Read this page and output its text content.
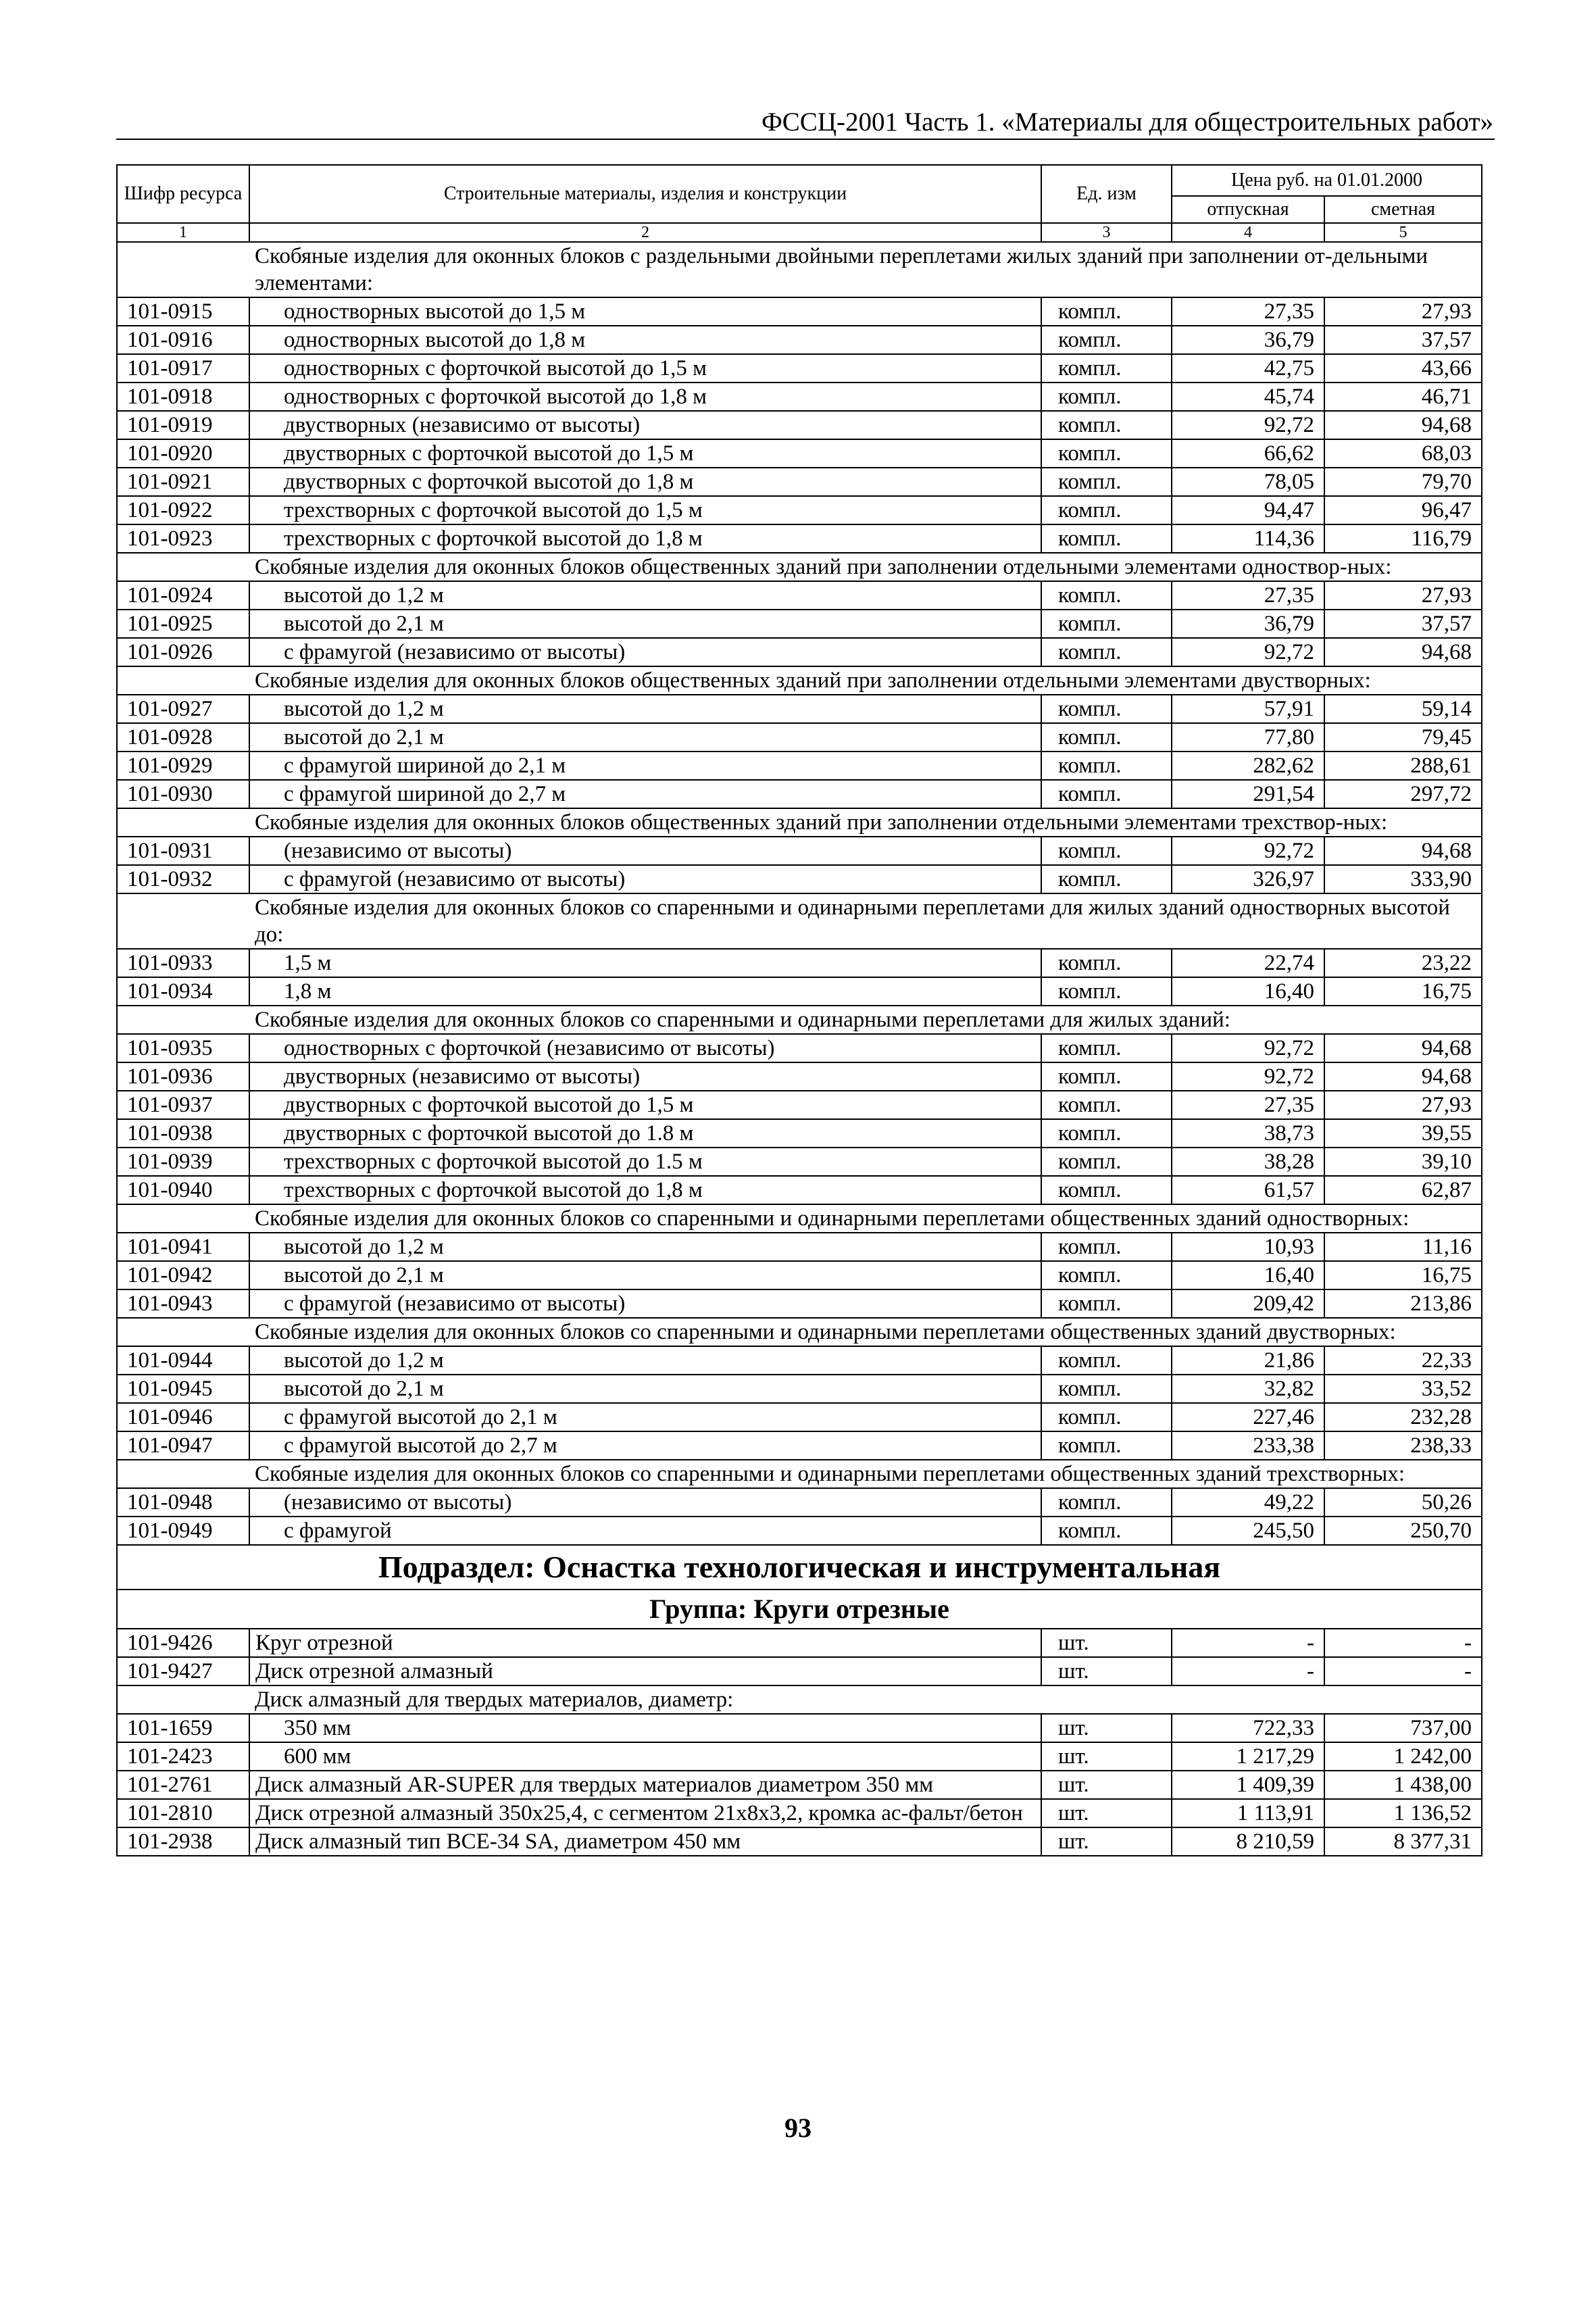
ФССЦ-2001 Часть 1. «Материалы для общестроительных работ»
Шифр ресурса	Строительные материалы, изделия и конструкции	Ед. изм	Цена руб. на 01.01.2000	
			отпускная	сметная
1	2	3	4	5
	Скобяные изделия для оконных блоков с раздельными двойными переплетами жилых зданий при заполнении от-дельными элементами:			
101-0915	одностворных высотой до 1,5 м	компл.	27,35	27,93
101-0916	одностворных высотой до 1,8 м	компл.	36,79	37,57
101-0917	одностворных с форточкой высотой до 1,5 м	компл.	42,75	43,66
101-0918	одностворных с форточкой высотой до 1,8 м	компл.	45,74	46,71
101-0919	двустворных (независимо от высоты)	компл.	92,72	94,68
101-0920	двустворных с форточкой высотой до 1,5 м	компл.	66,62	68,03
101-0921	двустворных с форточкой высотой до 1,8 м	компл.	78,05	79,70
101-0922	трехстворных с форточкой высотой до 1,5 м	компл.	94,47	96,47
101-0923	трехстворных с форточкой высотой до 1,8 м	компл.	114,36	116,79
	Скобяные изделия для оконных блоков общественных зданий при заполнении отдельными элементами одноствор-ных:			
101-0924	высотой до 1,2 м	компл.	27,35	27,93
101-0925	высотой до 2,1 м	компл.	36,79	37,57
101-0926	с фрамугой (независимо от высоты)	компл.	92,72	94,68
	Скобяные изделия для оконных блоков общественных зданий при заполнении отдельными элементами двустворных:			
101-0927	высотой до 1,2 м	компл.	57,91	59,14
101-0928	высотой до 2,1 м	компл.	77,80	79,45
101-0929	с фрамугой шириной до 2,1 м	компл.	282,62	288,61
101-0930	с фрамугой шириной до 2,7 м	компл.	291,54	297,72
	Скобяные изделия для оконных блоков общественных зданий при заполнении отдельными элементами трехствор-ных:			
101-0931	(независимо от высоты)	компл.	92,72	94,68
101-0932	с фрамугой (независимо от высоты)	компл.	326,97	333,90
	Скобяные изделия для оконных блоков со спаренными и одинарными переплетами для жилых зданий одностворных высотой до:			
101-0933	1,5 м	компл.	22,74	23,22
101-0934	1,8 м	компл.	16,40	16,75
	Скобяные изделия для оконных блоков со спаренными и одинарными переплетами для жилых зданий:			
101-0935	одностворных с форточкой (независимо от высоты)	компл.	92,72	94,68
101-0936	двустворных (независимо от высоты)	компл.	92,72	94,68
101-0937	двустворных с форточкой высотой до 1,5 м	компл.	27,35	27,93
101-0938	двустворных с форточкой высотой до 1.8 м	компл.	38,73	39,55
101-0939	трехстворных с форточкой высотой до 1.5 м	компл.	38,28	39,10
101-0940	трехстворных с форточкой высотой до 1,8 м	компл.	61,57	62,87
	Скобяные изделия для оконных блоков со спаренными и одинарными переплетами общественных зданий одностворных:			
101-0941	высотой до 1,2 м	компл.	10,93	11,16
101-0942	высотой до 2,1 м	компл.	16,40	16,75
101-0943	с фрамугой (независимо от высоты)	компл.	209,42	213,86
	Скобяные изделия для оконных блоков со спаренными и одинарными переплетами общественных зданий двустворных:			
101-0944	высотой до 1,2 м	компл.	21,86	22,33
101-0945	высотой до 2,1 м	компл.	32,82	33,52
101-0946	с фрамугой высотой до 2,1 м	компл.	227,46	232,28
101-0947	с фрамугой высотой до 2,7 м	компл.	233,38	238,33
	Скобяные изделия для оконных блоков со спаренными и одинарными переплетами общественных зданий трехстворных:			
101-0948	(независимо от высоты)	компл.	49,22	50,26
101-0949	с фрамугой	компл.	245,50	250,70
Подраздел: Оснастка технологическая и инструментальная				
Группа: Круги отрезные				
101-9426	Круг отрезной	шт.	-	-
101-9427	Диск отрезной алмазный	шт.	-	-
	Диск алмазный для твердых материалов, диаметр:			
101-1659	350 мм	шт.	722,33	737,00
101-2423	600 мм	шт.	1 217,29	1 242,00
101-2761	Диск алмазный AR-SUPER для твердых материалов диаметром 350 мм	шт.	1 409,39	1 438,00
101-2810	Диск отрезной алмазный 350x25,4, с сегментом 21x8x3,2, кромка ас-фальт/бетон	шт.	1 113,91	1 136,52
101-2938	Диск алмазный тип ВСЕ-34 SA, диаметром 450 мм	шт.	8 210,59	8 377,31
93
